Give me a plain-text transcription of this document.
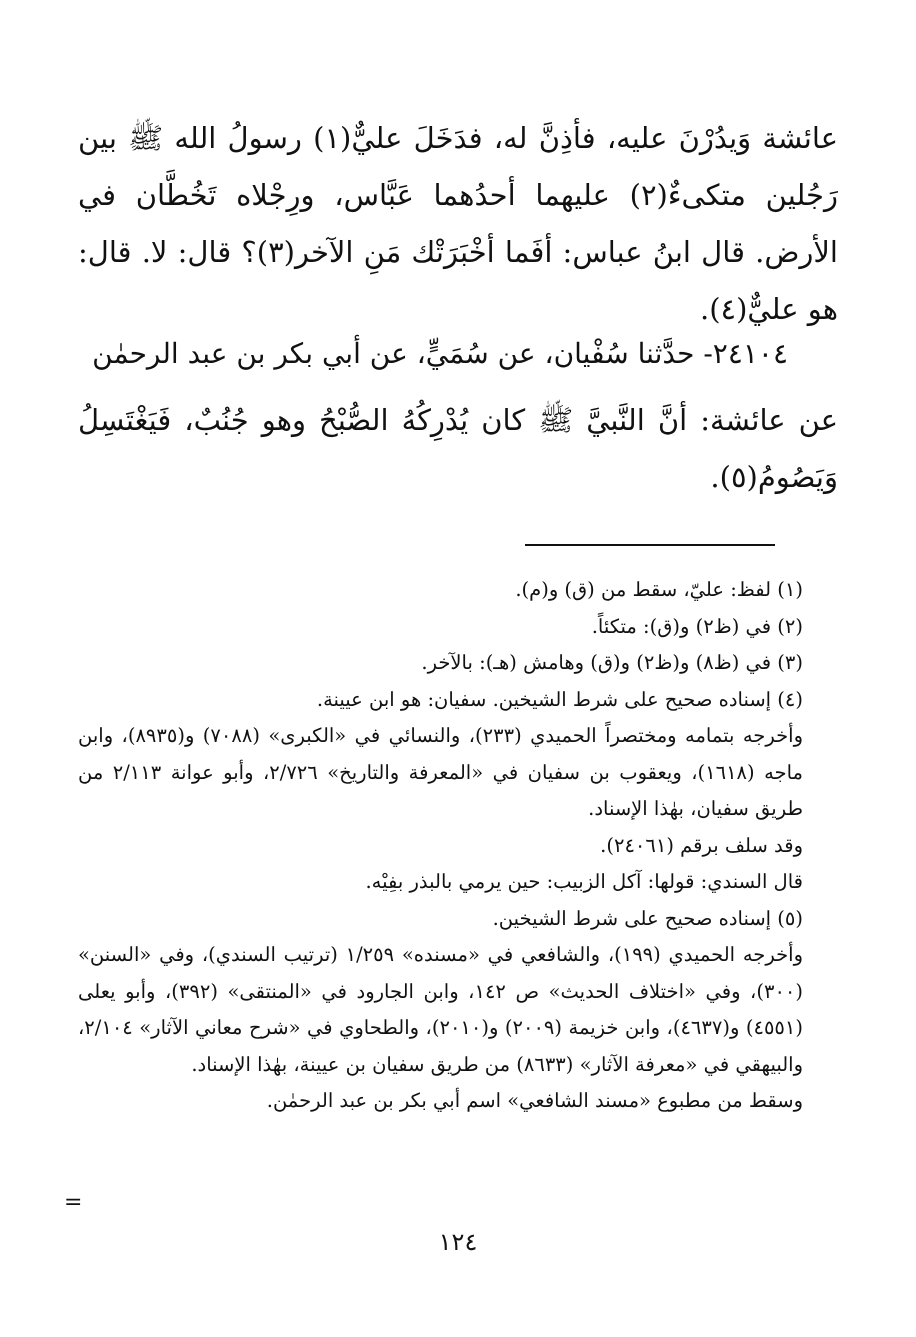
عائشة وَيدُرْنَ عليه، فأذِنَّ له، فدَخَلَ عليٌّ(١) رسولُ الله ﷺ بين رَجُلين متكىءٌ(٢) عليهما أحدُهما عَبَّاس، ورِجْلاه تَخُطَّان في الأرض. قال ابنُ عباس: أفَما أخْبَرَتْك مَنِ الآخر(٣)؟ قال: لا. قال: هو عليٌّ(٤).

٢٤١٠٤- حدَّثنا سُفْيان، عن سُمَيٍّ، عن أبي بكر بن عبد الرحمٰن

عن عائشة: أنَّ النَّبيَّ ﷺ كان يُدْرِكُهُ الصُّبْحُ وهو جُنُبٌ، فَيَغْتَسِلُ وَيَصُومُ(٥).

(١) لفظ: عليّ، سقط من (ق) و(م).

(٢) في (ظ٢) و(ق): متكئاً.

(٣) في (ظ٨) و(ظ٢) و(ق) وهامش (هـ): بالآخر.

(٤) إسناده صحيح على شرط الشيخين. سفيان: هو ابن عيينة.

وأخرجه بتمامه ومختصراً الحميدي (٢٣٣)، والنسائي في «الكبرى» (٧٠٨٨) و(٨٩٣٥)، وابن ماجه (١٦١٨)، ويعقوب بن سفيان في «المعرفة والتاريخ» ٢/٧٢٦، وأبو عوانة ٢/١١٣ من طريق سفيان، بهٰذا الإسناد.

وقد سلف برقم (٢٤٠٦١).

قال السندي: قولها: آكل الزبيب: حين يرمي بالبذر بفِيْه.

(٥) إسناده صحيح على شرط الشيخين.

وأخرجه الحميدي (١٩٩)، والشافعي في «مسنده» ١/٢٥٩ (ترتيب السندي)، وفي «السنن» (٣٠٠)، وفي «اختلاف الحديث» ص ١٤٢، وابن الجارود في «المنتقى» (٣٩٢)، وأبو يعلى (٤٥٥١) و(٤٦٣٧)، وابن خزيمة (٢٠٠٩) و(٢٠١٠)، والطحاوي في «شرح معاني الآثار» ٢/١٠٤، والبيهقي في «معرفة الآثار» (٨٦٣٣) من طريق سفيان بن عيينة، بهٰذا الإسناد.

وسقط من مطبوع «مسند الشافعي» اسم أبي بكر بن عبد الرحمٰن.

=
١٢٤
